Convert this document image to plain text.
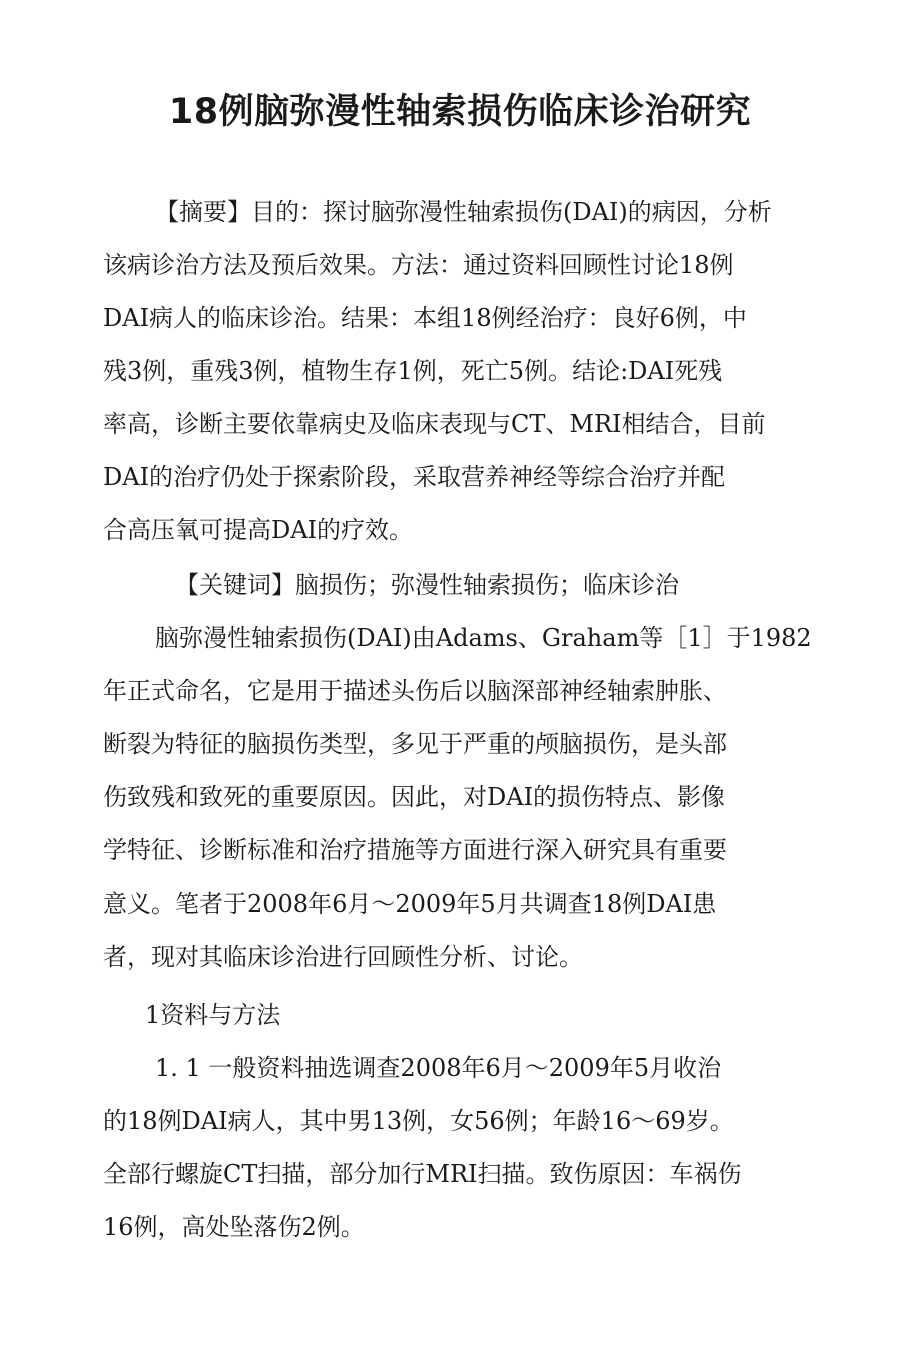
18例脑弥漫性轴索损伤临床诊治研究
【摘要】目的：探讨脑弥漫性轴索损伤(DAI)的病因，分析
该病诊治方法及预后效果。方法：通过资料回顾性讨论18例
DAI病人的临床诊治。结果：本组18例经治疗：良好6例，中
残3例，重残3例，植物生存1例，死亡5例。结论:DAI死残
率高，诊断主要依靠病史及临床表现与CT、MRI相结合，目前
DAI的治疗仍处于探索阶段，采取营养神经等综合治疗并配
合高压氧可提高DAI的疗效。
【关键词】脑损伤；弥漫性轴索损伤；临床诊治
脑弥漫性轴索损伤(DAI)由Adams、Graham等［1］于1982
年正式命名，它是用于描述头伤后以脑深部神经轴索肿胀、
断裂为特征的脑损伤类型，多见于严重的颅脑损伤，是头部
伤致残和致死的重要原因。因此，对DAI的损伤特点、影像
学特征、诊断标准和治疗措施等方面进行深入研究具有重要
意义。笔者于2008年6月～2009年5月共调查18例DAI患
者，现对其临床诊治进行回顾性分析、讨论。
1资料与方法
1. 1 一般资料抽选调查2008年6月～2009年5月收治
的18例DAI病人，其中男13例，女56例；年龄16～69岁。
全部行螺旋CT扫描，部分加行MRI扫描。致伤原因：车祸伤
16例，高处坠落伤2例。
